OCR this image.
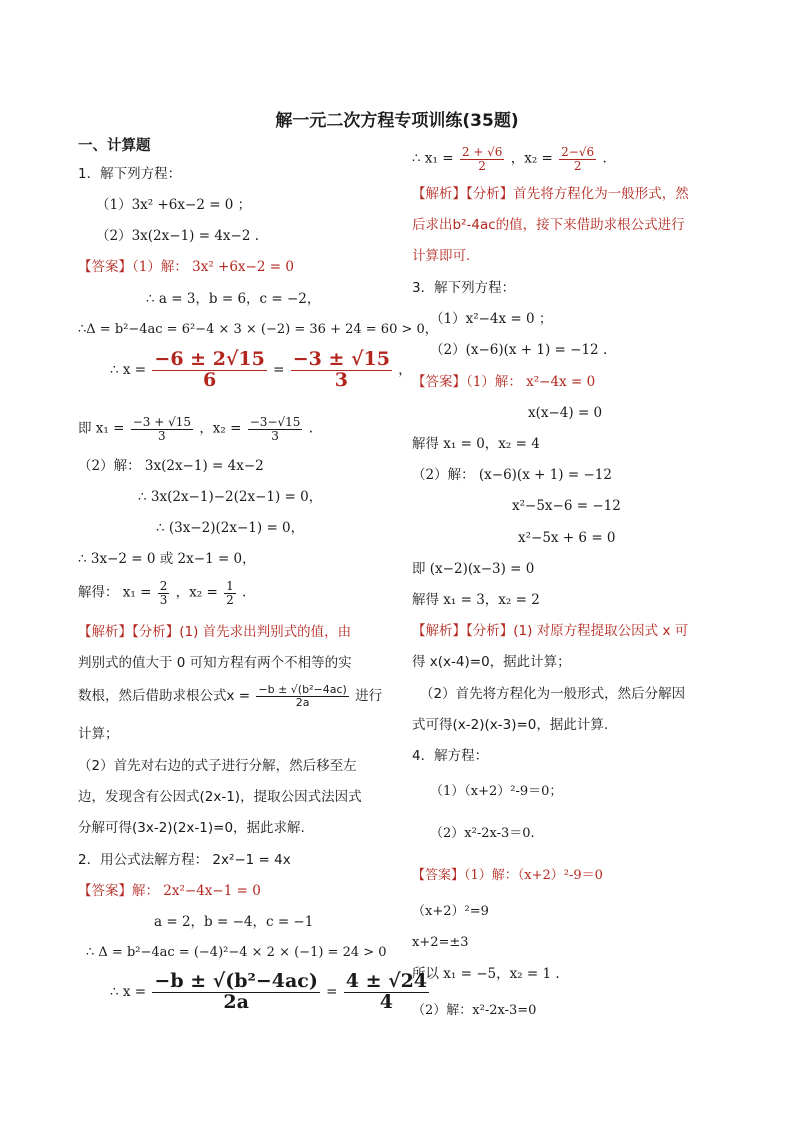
解一元二次方程专项训练(35题)
一、计算题
1．解下列方程：
（1）3x² +6x−2 = 0 ；
（2）3x(2x−1) = 4x−2 .
【答案】（1）解： 3x² +6x−2 = 0
∴ a = 3，b = 6，c = −2，
∴Δ = b²−4ac = 6²−4 × 3 × (−2) = 36 + 24 = 60 > 0，
∴ $x = \frac{-6 \pm 2√15}{6} = \frac{-3 \pm √15}{3}$ ，
即 $x_1 = \frac{-3 + √15}{3}$ ，$x_2 = \frac{-3-√15}{3}$ .
（2）解： 3x(2x−1) = 4x−2
∴ 3x(2x−1)−2(2x−1) = 0，
∴ (3x−2)(2x−1) = 0，
∴ 3x−2 = 0 或 2x−1 = 0，
解得： $x_1 = \frac{2}{3}$ ，$x_2 = \frac{1}{2}$ .
【解析】【分析】(1) 首先求出判别式的值，由
判别式的值大于 0 可知方程有两个不相等的实
数根，然后借助求根公式$x = \frac{\text{−b ± √(b²−4ac)}}{2a}$ 进行
计算；
（2）首先对右边的式子进行分解，然后移至左
边，发现含有公因式(2x-1)，提取公因式法因式
分解可得(3x-2)(2x-1)=0，据此求解.
2．用公式法解方程： 2x²−1 = 4x
【答案】解： 2x²−4x−1 = 0
a = 2，b = −4，c = −1
∴ Δ = b²−4ac = (−4)²−4 × 2 × (−1) = 24 > 0
∴ $x = \frac{\text{−b ± √(b²−4ac)}}{2a} = \frac{4 \pm √24}{4}$
∴ $x_1 = \frac{2 + √6}{2}$ ，$x_2 = \frac{2-√6}{2}$ .
【解析】【分析】首先将方程化为一般形式，然
后求出b²-4ac的值，接下来借助求根公式进行
计算即可.
3．解下列方程：
（1）x²−4x = 0 ；
（2）(x−6)(x + 1) = −12 .
【答案】（1）解： x²−4x = 0
x(x−4) = 0
解得 x₁ = 0，x₂ = 4
（2）解： (x−6)(x + 1) = −12
x²−5x−6 = −12
x²−5x + 6 = 0
即 (x−2)(x−3) = 0
解得 x₁ = 3，x₂ = 2
【解析】【分析】(1) 对原方程提取公因式 x 可
得 x(x-4)=0，据此计算；
（2）首先将方程化为一般形式，然后分解因
式可得(x-2)(x-3)=0，据此计算.
4．解方程：
（1）（x+2）²-9＝0；
（2）x²-2x-3＝0.
【答案】（1）解：（x+2）²-9＝0
（x+2）²=9
x+2=±3
所以 x₁ = −5，x₂ = 1 .
（2）解：x²-2x-3=0
